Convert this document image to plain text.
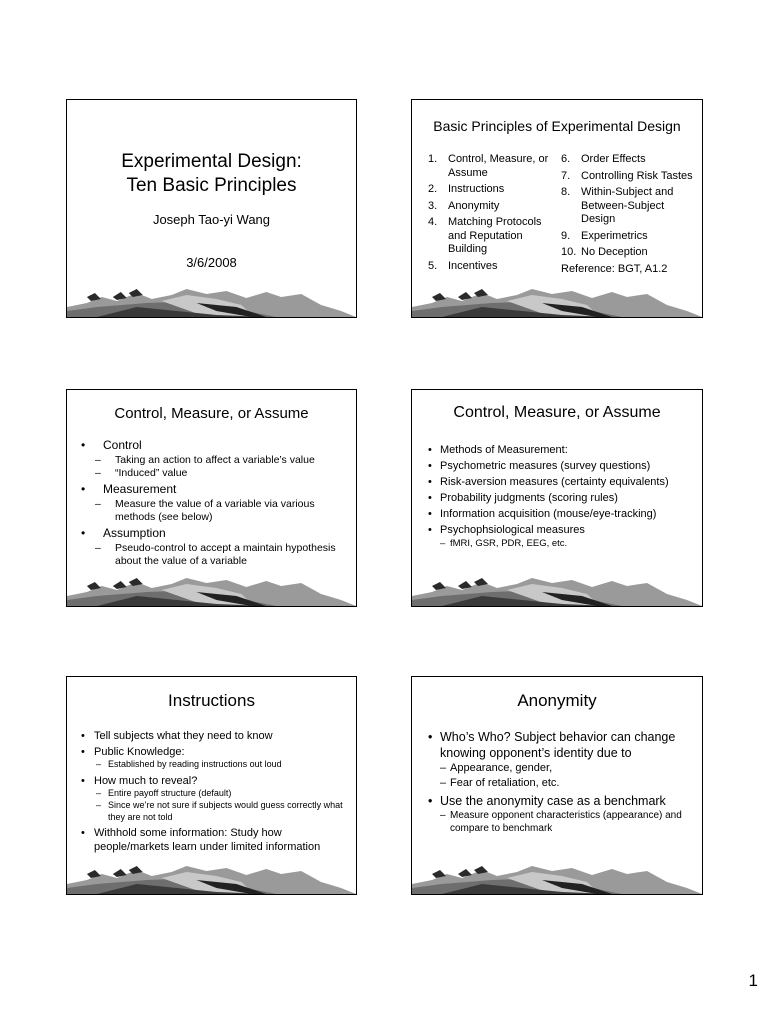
Experimental Design:
Ten Basic Principles
Joseph Tao-yi Wang
3/6/2008
Basic Principles of Experimental Design
1. Control, Measure, or Assume
2. Instructions
3. Anonymity
4. Matching Protocols and Reputation Building
5. Incentives
6. Order Effects
7. Controlling Risk Tastes
8. Within-Subject and Between-Subject Design
9. Experimetrics
10. No Deception
Reference: BGT, A1.2
Control, Measure, or Assume
• Control
– Taking an action to affect a variable’s value
– “Induced” value
• Measurement
– Measure the value of a variable via various methods (see below)
• Assumption
– Pseudo-control to accept a maintain hypothesis about the value of a variable
Control, Measure, or Assume
• Methods of Measurement:
• Psychometric measures (survey questions)
• Risk-aversion measures (certainty equivalents)
• Probability judgments (scoring rules)
• Information acquisition (mouse/eye-tracking)
• Psychophsiological measures
– fMRI, GSR, PDR, EEG, etc.
Instructions
• Tell subjects what they need to know
• Public Knowledge:
– Established by reading instructions out loud
• How much to reveal?
– Entire payoff structure (default)
– Since we’re not sure if subjects would guess correctly what they are not told
• Withhold some information: Study how people/markets learn under limited information
Anonymity
• Who’s Who? Subject behavior can change knowing opponent’s identity due to
– Appearance, gender,
– Fear of retaliation, etc.
• Use the anonymity case as a benchmark
– Measure opponent characteristics (appearance) and compare to benchmark
1
